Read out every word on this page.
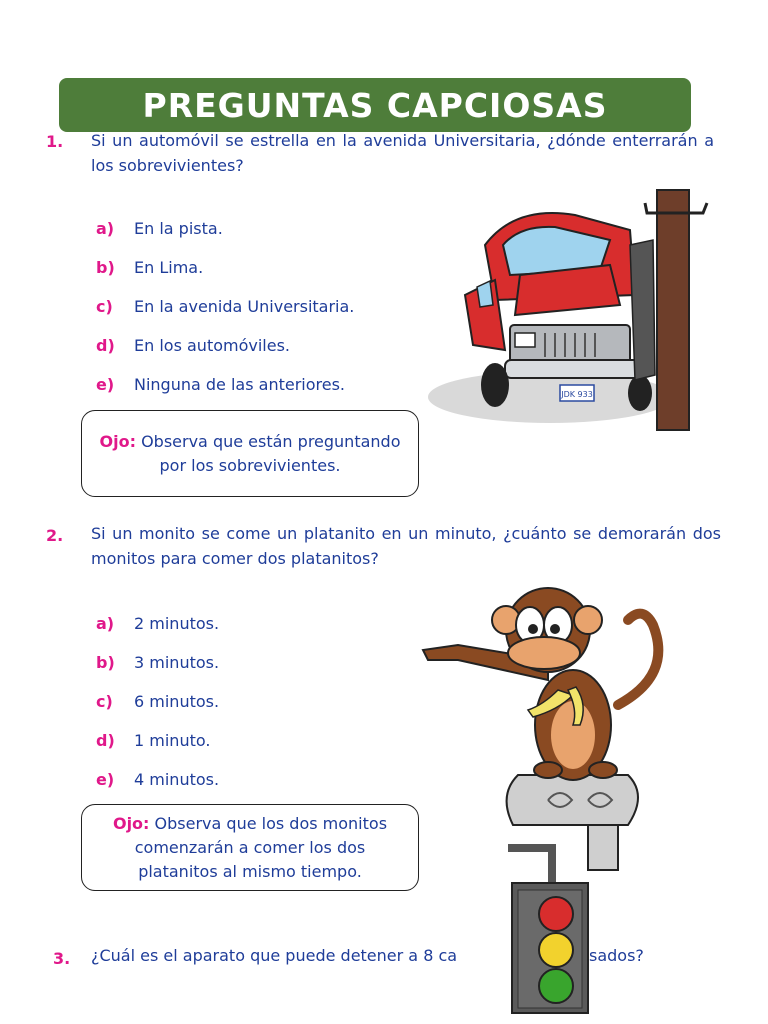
PREGUNTAS CAPCIOSAS
1. Si un automóvil se estrella en la avenida Universitaria, ¿dónde enterrarán a los sobrevivientes?
a) En la pista.
b) En Lima.
c) En la avenida Universitaria.
d) En los automóviles.
e) Ninguna de las anteriores.
Ojo: Observa que están preguntando por los sobrevivientes.
JDK 933
2. Si un monito se come un platanito en un minuto, ¿cuánto se demorarán dos monitos para comer dos platanitos?
a) 2 minutos.
b) 3 minutos.
c) 6 minutos.
d) 1 minuto.
e) 4 minutos.
Ojo: Observa que los dos monitos comenzarán a comer los dos platanitos al mismo tiempo.
3. ¿Cuál es el aparato que puede detener a 8 ca	sados?
